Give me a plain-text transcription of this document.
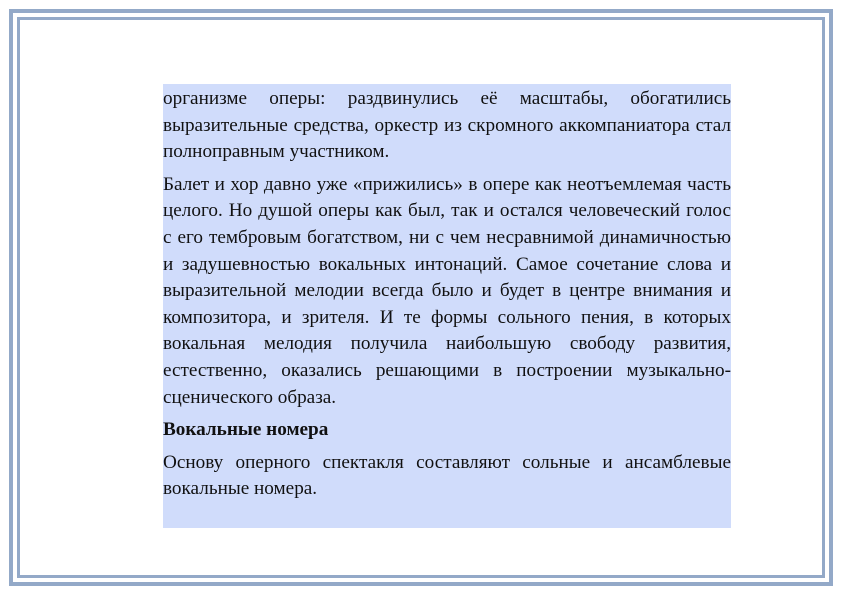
организме оперы: раздвинулись её масштабы, обогатились выразительные средства, оркестр из скромного аккомпаниатора стал полноправным участником.

Балет и хор давно уже «прижились» в опере как неотъемлемая часть целого. Но душой оперы как был, так и остался человеческий голос с его тембровым богатством, ни с чем несравнимой динамичностью и задушевностью вокальных интонаций. Самое сочетание слова и выразительной мелодии всегда было и будет в центре внимания и композитора, и зрителя. И те формы сольного пения, в которых вокальная мелодия получила наибольшую свободу развития, естественно, оказались решающими в построении музыкально-сценического образа.

Вокальные номера

Основу оперного спектакля составляют сольные и ансамблевые вокальные номера.
